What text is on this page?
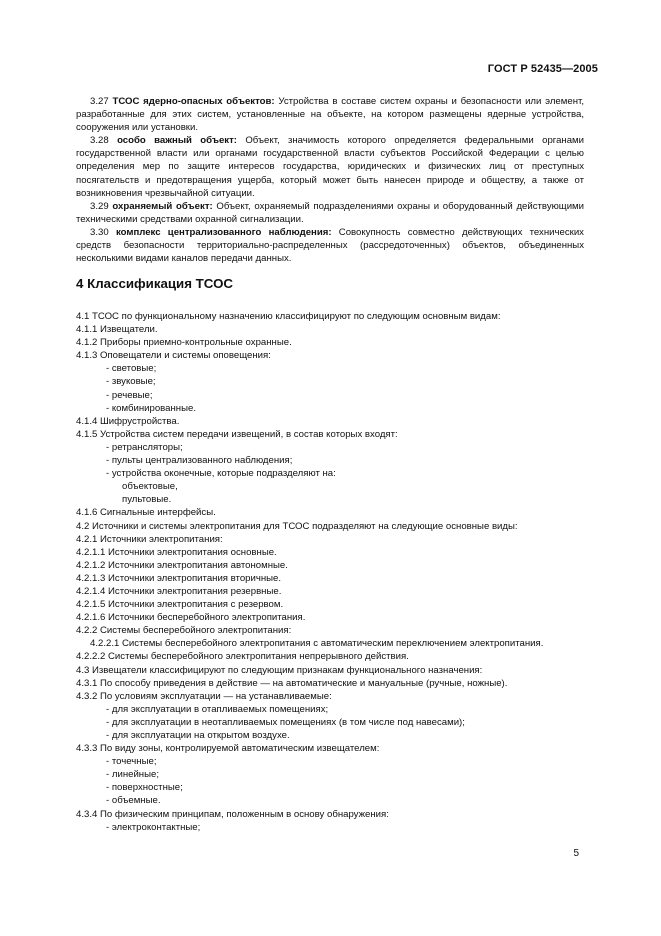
ГОСТ Р 52435—2005

3.27 ТСОС ядерно-опасных объектов: Устройства в составе систем охраны и безопасности или элемент, разработанные для этих систем, установленные на объекте, на котором размещены ядерные устройства, сооружения или установки.

3.28 особо важный объект: Объект, значимость которого определяется федеральными органами государственной власти или органами государственной власти субъектов Российской Федерации с целью определения мер по защите интересов государства, юридических и физических лиц от преступных посягательств и предотвращения ущерба, который может быть нанесен природе и обществу, а также от возникновения чрезвычайной ситуации.

3.29 охраняемый объект: Объект, охраняемый подразделениями охраны и оборудованный действующими техническими средствами охранной сигнализации.

3.30 комплекс централизованного наблюдения: Совокупность совместно действующих технических средств безопасности территориально-распределенных (рассредоточенных) объектов, объединенных несколькими видами каналов передачи данных.

4 Классификация ТСОС
4.1 ТСОС по функциональному назначению классифицируют по следующим основным видам:
4.1.1 Извещатели.
4.1.2 Приборы приемно-контрольные охранные.
4.1.3 Оповещатели и системы оповещения:
- световые;
- звуковые;
- речевые;
- комбинированные.
4.1.4 Шифрустройства.
4.1.5 Устройства систем передачи извещений, в состав которых входят:
- ретрансляторы;
- пульты централизованного наблюдения;
- устройства оконечные, которые подразделяют на:
объектовые,
пультовые.
4.1.6 Сигнальные интерфейсы.
4.2 Источники и системы электропитания для ТСОС подразделяют на следующие основные виды:
4.2.1 Источники электропитания:
4.2.1.1 Источники электропитания основные.
4.2.1.2 Источники электропитания автономные.
4.2.1.3 Источники электропитания вторичные.
4.2.1.4 Источники электропитания резервные.
4.2.1.5 Источники электропитания с резервом.
4.2.1.6 Источники бесперебойного электропитания.
4.2.2 Системы бесперебойного электропитания:
4.2.2.1 Системы бесперебойного электропитания с автоматическим переключением электропитания.
4.2.2.2 Системы бесперебойного электропитания непрерывного действия.
4.3 Извещатели классифицируют по следующим признакам функционального назначения:
4.3.1 По способу приведения в действие — на автоматические и мануальные (ручные, ножные).
4.3.2 По условиям эксплуатации — на устанавливаемые:
- для эксплуатации в отапливаемых помещениях;
- для эксплуатации в неотапливаемых помещениях (в том числе под навесами);
- для эксплуатации на открытом воздухе.
4.3.3 По виду зоны, контролируемой автоматическим извещателем:
- точечные;
- линейные;
- поверхностные;
- объемные.
4.3.4 По физическим принципам, положенным в основу обнаружения:
- электроконтактные;
5
